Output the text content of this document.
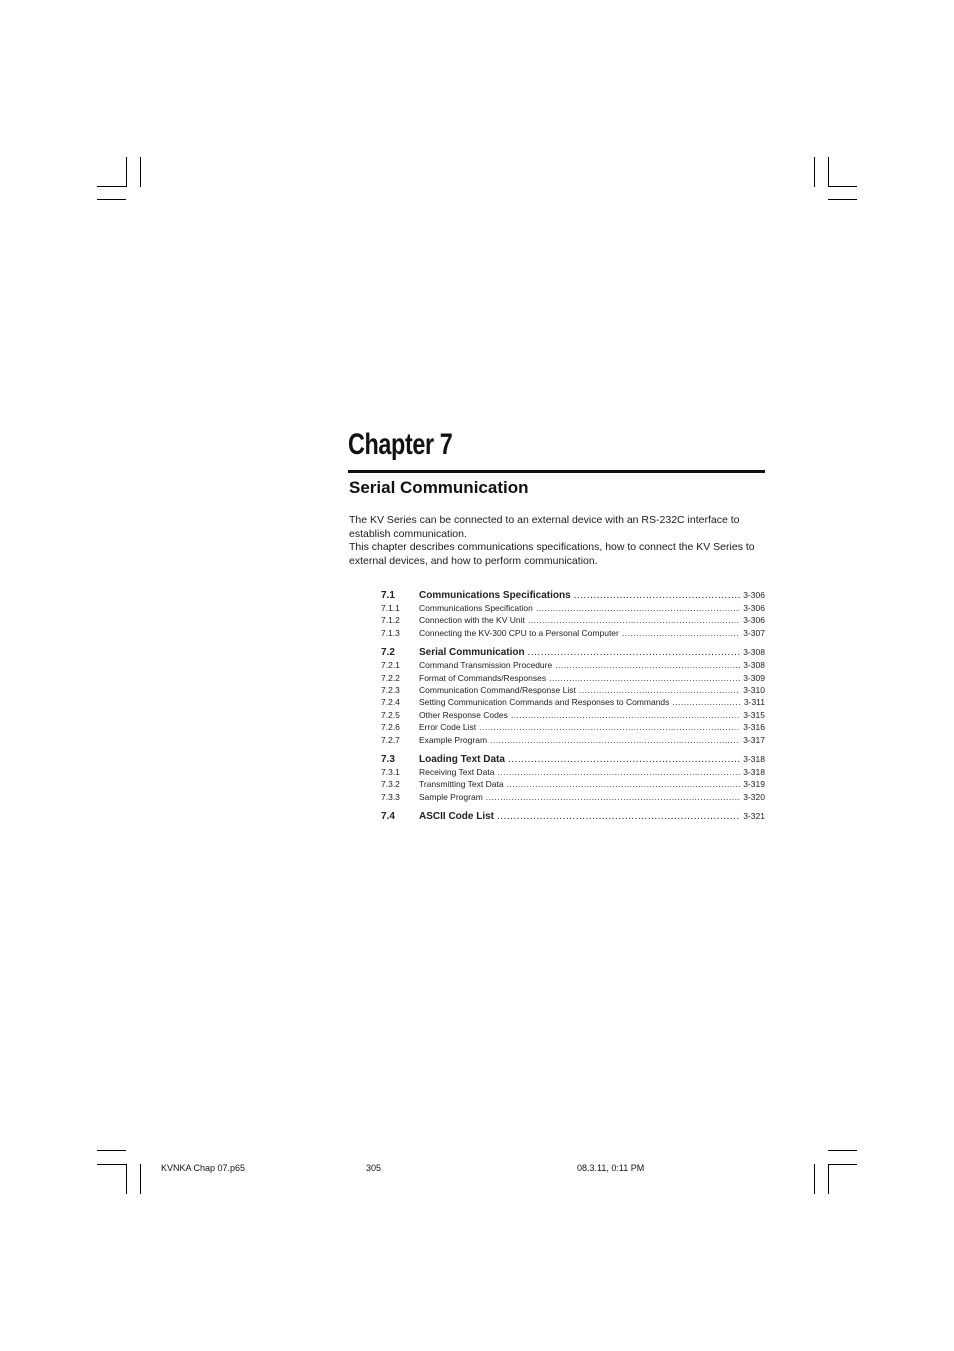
Chapter 7
Serial Communication

The KV Series can be connected to an external device with an RS-232C interface to establish communication.

This chapter describes communications specifications, how to connect the KV Series to external devices, and how to perform communication.

7.1	Communications Specifications .....	3-306
7.1.1	Communications Specification .....	3-306
7.1.2	Connection with the KV Unit .....	3-306
7.1.3	Connecting the KV-300 CPU to a Personal Computer .....	3-307
7.2	Serial Communication .....	3-308
7.2.1	Command Transmission Procedure .....	3-308
7.2.2	Format of Commands/Responses .....	3-309
7.2.3	Communication Command/Response List .....	3-310
7.2.4	Setting Communication Commands and Responses to Commands .....	3-311
7.2.5	Other Response Codes .....	3-315
7.2.6	Error Code List .....	3-316
7.2.7	Example Program .....	3-317
7.3	Loading Text Data .....	3-318
7.3.1	Receiving Text Data .....	3-318
7.3.2	Transmitting Text Data .....	3-319
7.3.3	Sample Program .....	3-320
7.4	ASCII Code List .....	3-321
KVNKA Chap 07.p65	305	08.3.11, 0:11 PM
